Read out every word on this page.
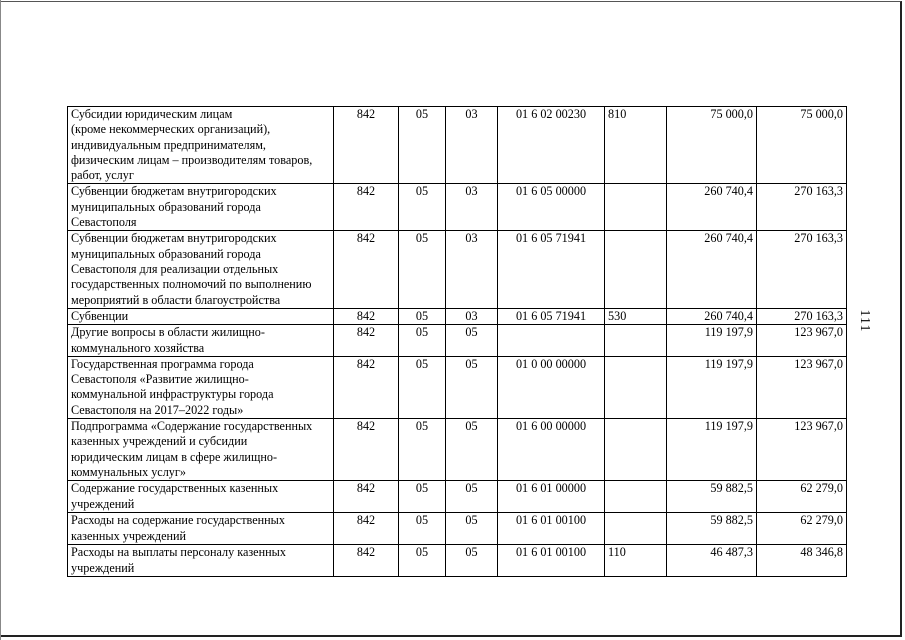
Субсидии юридическим лицам
(кроме некоммерческих организаций),
индивидуальным предпринимателям,
физическим лицам – производителям товаров,
работ, услуг	842	05	03	01 6 02 00230	810	75 000,0	75 000,0
Субвенции бюджетам внутригородских
муниципальных образований города
Севастополя	842	05	03	01 6 05 00000		260 740,4	270 163,3
Субвенции бюджетам внутригородских
муниципальных образований города
Севастополя для реализации отдельных
государственных полномочий по выполнению
мероприятий в области благоустройства	842	05	03	01 6 05 71941		260 740,4	270 163,3
Субвенции	842	05	03	01 6 05 71941	530	260 740,4	270 163,3
Другие вопросы в области жилищно-
коммунального хозяйства	842	05	05			119 197,9	123 967,0
Государственная программа города
Севастополя «Развитие жилищно-
коммунальной инфраструктуры города
Севастополя на 2017–2022 годы»	842	05	05	01 0 00 00000		119 197,9	123 967,0
Подпрограмма «Содержание государственных
казенных учреждений и субсидии
юридическим лицам в сфере жилищно-
коммунальных услуг»	842	05	05	01 6 00 00000		119 197,9	123 967,0
Содержание государственных казенных
учреждений	842	05	05	01 6 01 00000		59 882,5	62 279,0
Расходы на содержание государственных
казенных учреждений	842	05	05	01 6 01 00100		59 882,5	62 279,0
Расходы на выплаты персоналу казенных
учреждений	842	05	05	01 6 01 00100	110	46 487,3	48 346,8
111
